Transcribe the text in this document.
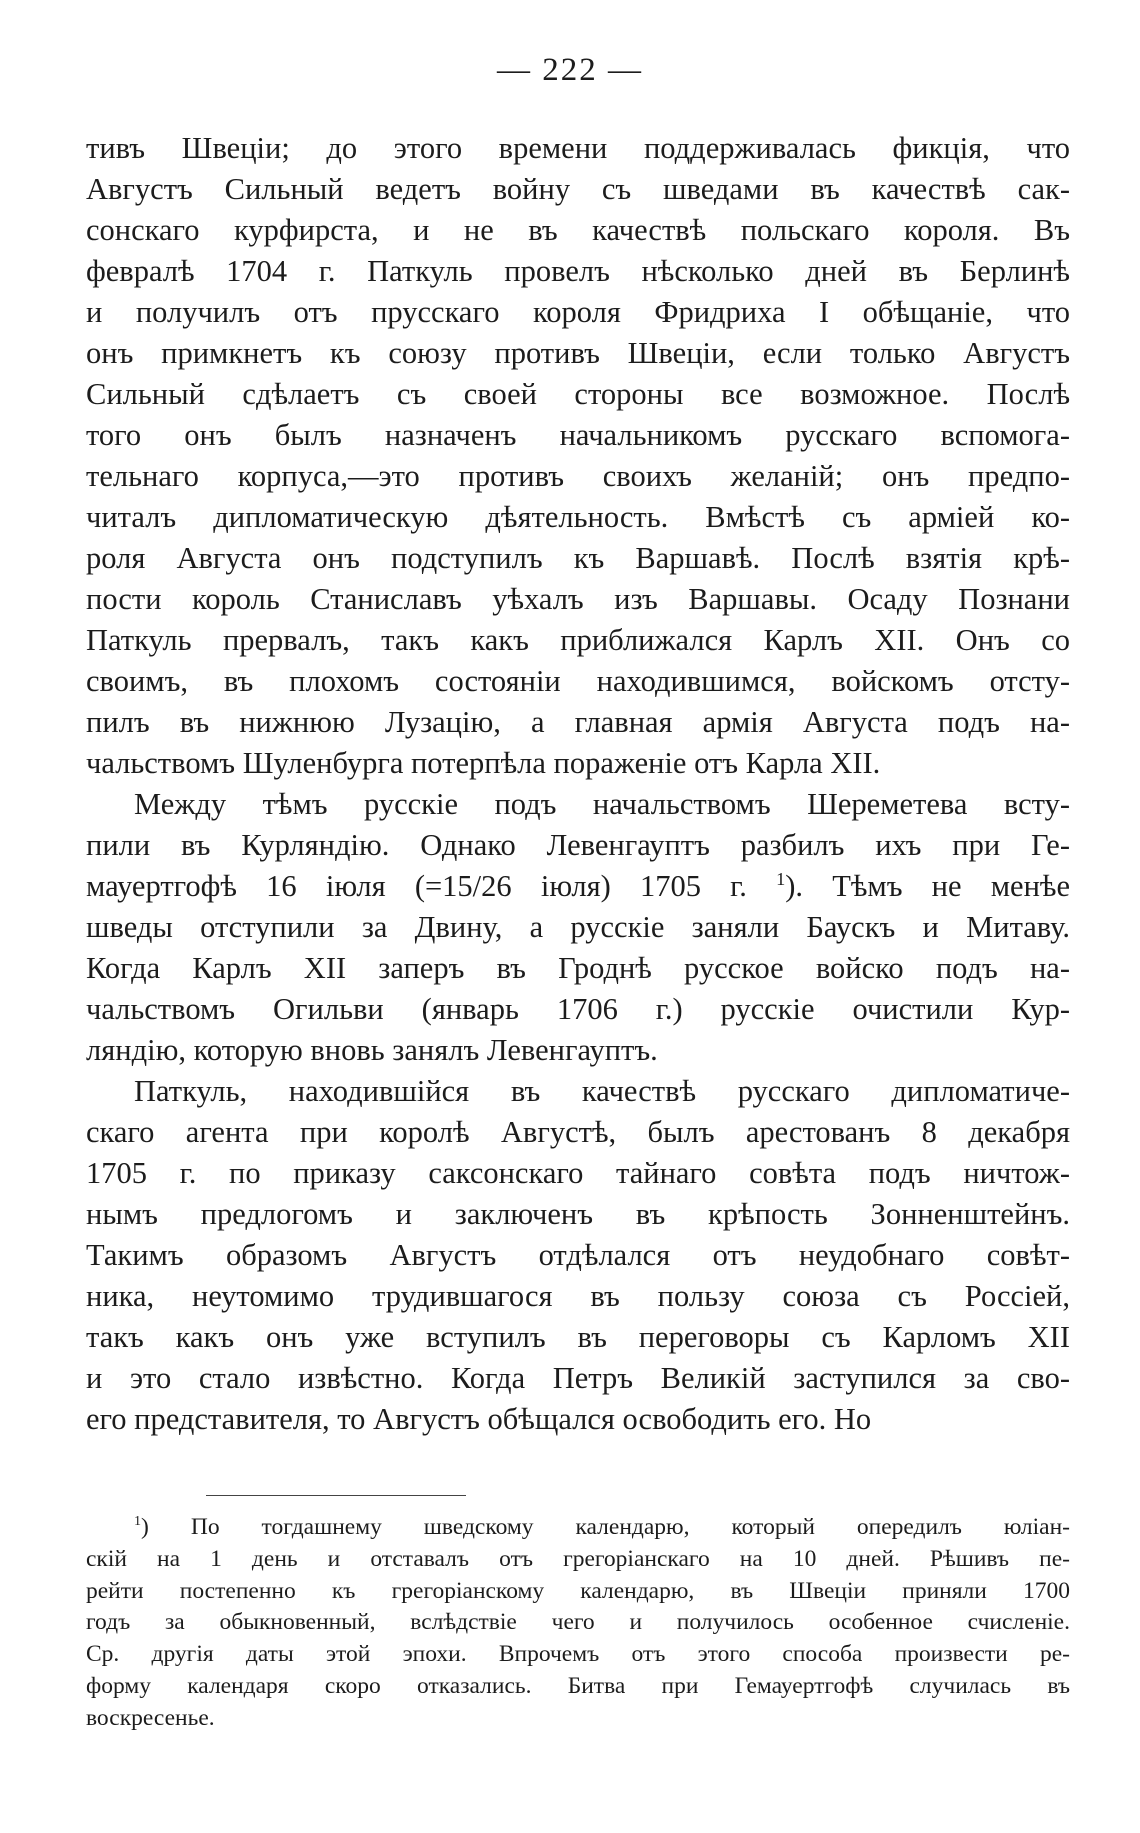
— 222 —

тивъ Швеціи; до этого времени поддерживалась фикція, что

Августъ Сильный ведетъ войну съ шведами въ качествѣ сак-

сонскаго курфирста, и не въ качествѣ польскаго короля. Въ

февралѣ 1704 г. Паткуль провелъ нѣсколько дней въ Берлинѣ

и получилъ отъ прусскаго короля Фридриха I обѣщаніе, что

онъ примкнетъ къ союзу противъ Швеціи, если только Августъ

Сильный сдѣлаетъ съ своей стороны все возможное. Послѣ

того онъ былъ назначенъ начальникомъ русскаго вспомога-

тельнаго корпуса,—это противъ своихъ желаній; онъ предпо-

читалъ дипломатическую дѣятельность. Вмѣстѣ съ арміей ко-

роля Августа онъ подступилъ къ Варшавѣ. Послѣ взятія крѣ-

пости король Станиславъ уѣхалъ изъ Варшавы. Осаду Познани

Паткуль прервалъ, такъ какъ приближался Карлъ XII. Онъ со

своимъ, въ плохомъ состояніи находившимся, войскомъ отсту-

пилъ въ нижнюю Лузацію, а главная армія Августа подъ на-

чальствомъ Шуленбурга потерпѣла пораженіе отъ Карла XII.

Между тѣмъ русскіе подъ начальствомъ Шереметева всту-

пили въ Курляндію. Однако Левенгауптъ разбилъ ихъ при Ге-

мауертгофѣ 16 іюля (=15/26 іюля) 1705 г. $^1$). Тѣмъ не менѣе

шведы отступили за Двину, а русскіе заняли Баускъ и Митаву.

Когда Карлъ XII заперъ въ Гроднѣ русское войско подъ на-

чальствомъ Огильви (январь 1706 г.) русскіе очистили Кур-

ляндію, которую вновь занялъ Левенгауптъ.

Паткуль, находившійся въ качествѣ русскаго дипломатиче-

скаго агента при королѣ Августѣ, былъ арестованъ 8 декабря

1705 г. по приказу саксонскаго тайнаго совѣта подъ ничтож-

нымъ предлогомъ и заключенъ въ крѣпость Зонненштейнъ.

Такимъ образомъ Августъ отдѣлался отъ неудобнаго совѣт-

ника, неутомимо трудившагося въ пользу союза съ Россіей,

такъ какъ онъ уже вступилъ въ переговоры съ Карломъ XII

и это стало извѣстно. Когда Петръ Великій заступился за сво-

его представителя, то Августъ обѣщался освободить его. Но

$^1$) По тогдашнему шведскому календарю, который опередилъ юліан-

скій на 1 день и отставалъ отъ грегоріанскаго на 10 дней. Рѣшивъ пе-

рейти постепенно къ грегоріанскому календарю, въ Швеціи приняли 1700

годъ за обыкновенный, вслѣдствіе чего и получилось особенное счисленіе.

Ср. другія даты этой эпохи. Впрочемъ отъ этого способа произвести ре-

форму календаря скоро отказались. Битва при Гемауертгофѣ случилась въ

воскресенье.
